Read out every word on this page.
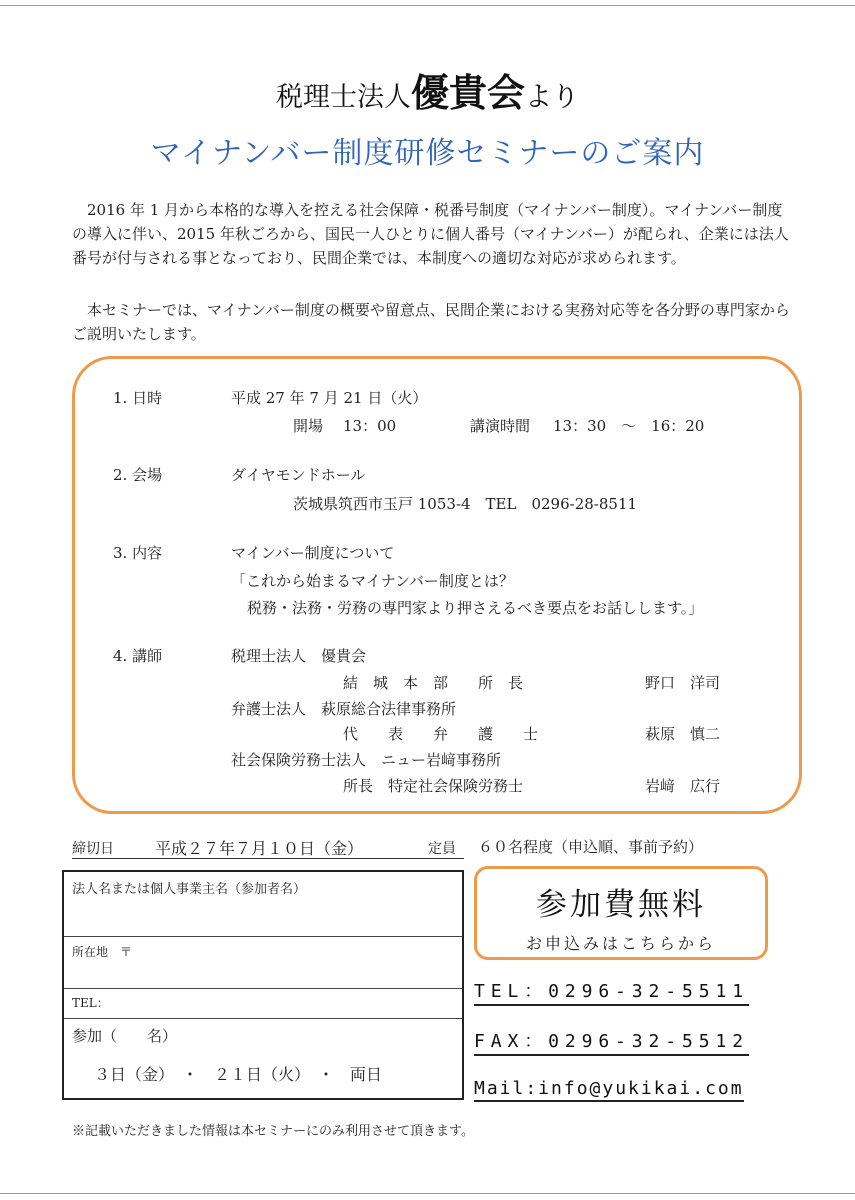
税理士法人優貴会より
マイナンバー制度研修セミナーのご案内

2016 年 1 月から本格的な導入を控える社会保障・税番号制度（マイナンバー制度）。マイナンバー制度の導入に伴い、2015 年秋ごろから、国民一人ひとりに個人番号（マイナンバー）が配られ、企業には法人番号が付与される事となっており、民間企業では、本制度への適切な対応が求められます。

本セミナーでは、マイナンバー制度の概要や留意点、民間企業における実務対応等を各分野の専門家からご説明いたします。

1. 日時	平成 27 年 7 月 21 日（火）
開場 13：00	講演時間 13：30　～　16：20
2. 会場	ダイヤモンドホール
茨城県筑西市玉戸 1053-4　TEL　0296-28-8511
3. 内容	マインバー制度について
「これから始まるマイナンバー制度とは？
税務・法務・労務の専門家より押さえるべき要点をお話しします。」
4. 講師	税理士法人　優貴会
結　城　本　部　　所　長	野口　洋司
弁護士法人　萩原総合法律事務所
代　　表　　弁　　護　　士	萩原　慎二
社会保険労務士法人　ニュー岩﨑事務所
所長　特定社会保険労務士	岩﨑　広行
締切日	平成２７年７月１０日（金）	定員 ６０名程度（申込順、事前予約）
法人名または個人事業主名（参加者名）
所在地　〒
TEL：
参加（　　名）
３日（金）　・　２１日（火）　・　両日
参加費無料
お申込みはこちらから
TEL：0296-32-5511
FAX：0296-32-5512
Mail:info@yukikai.com
※記載いただきました情報は本セミナーにのみ利用させて頂きます。
